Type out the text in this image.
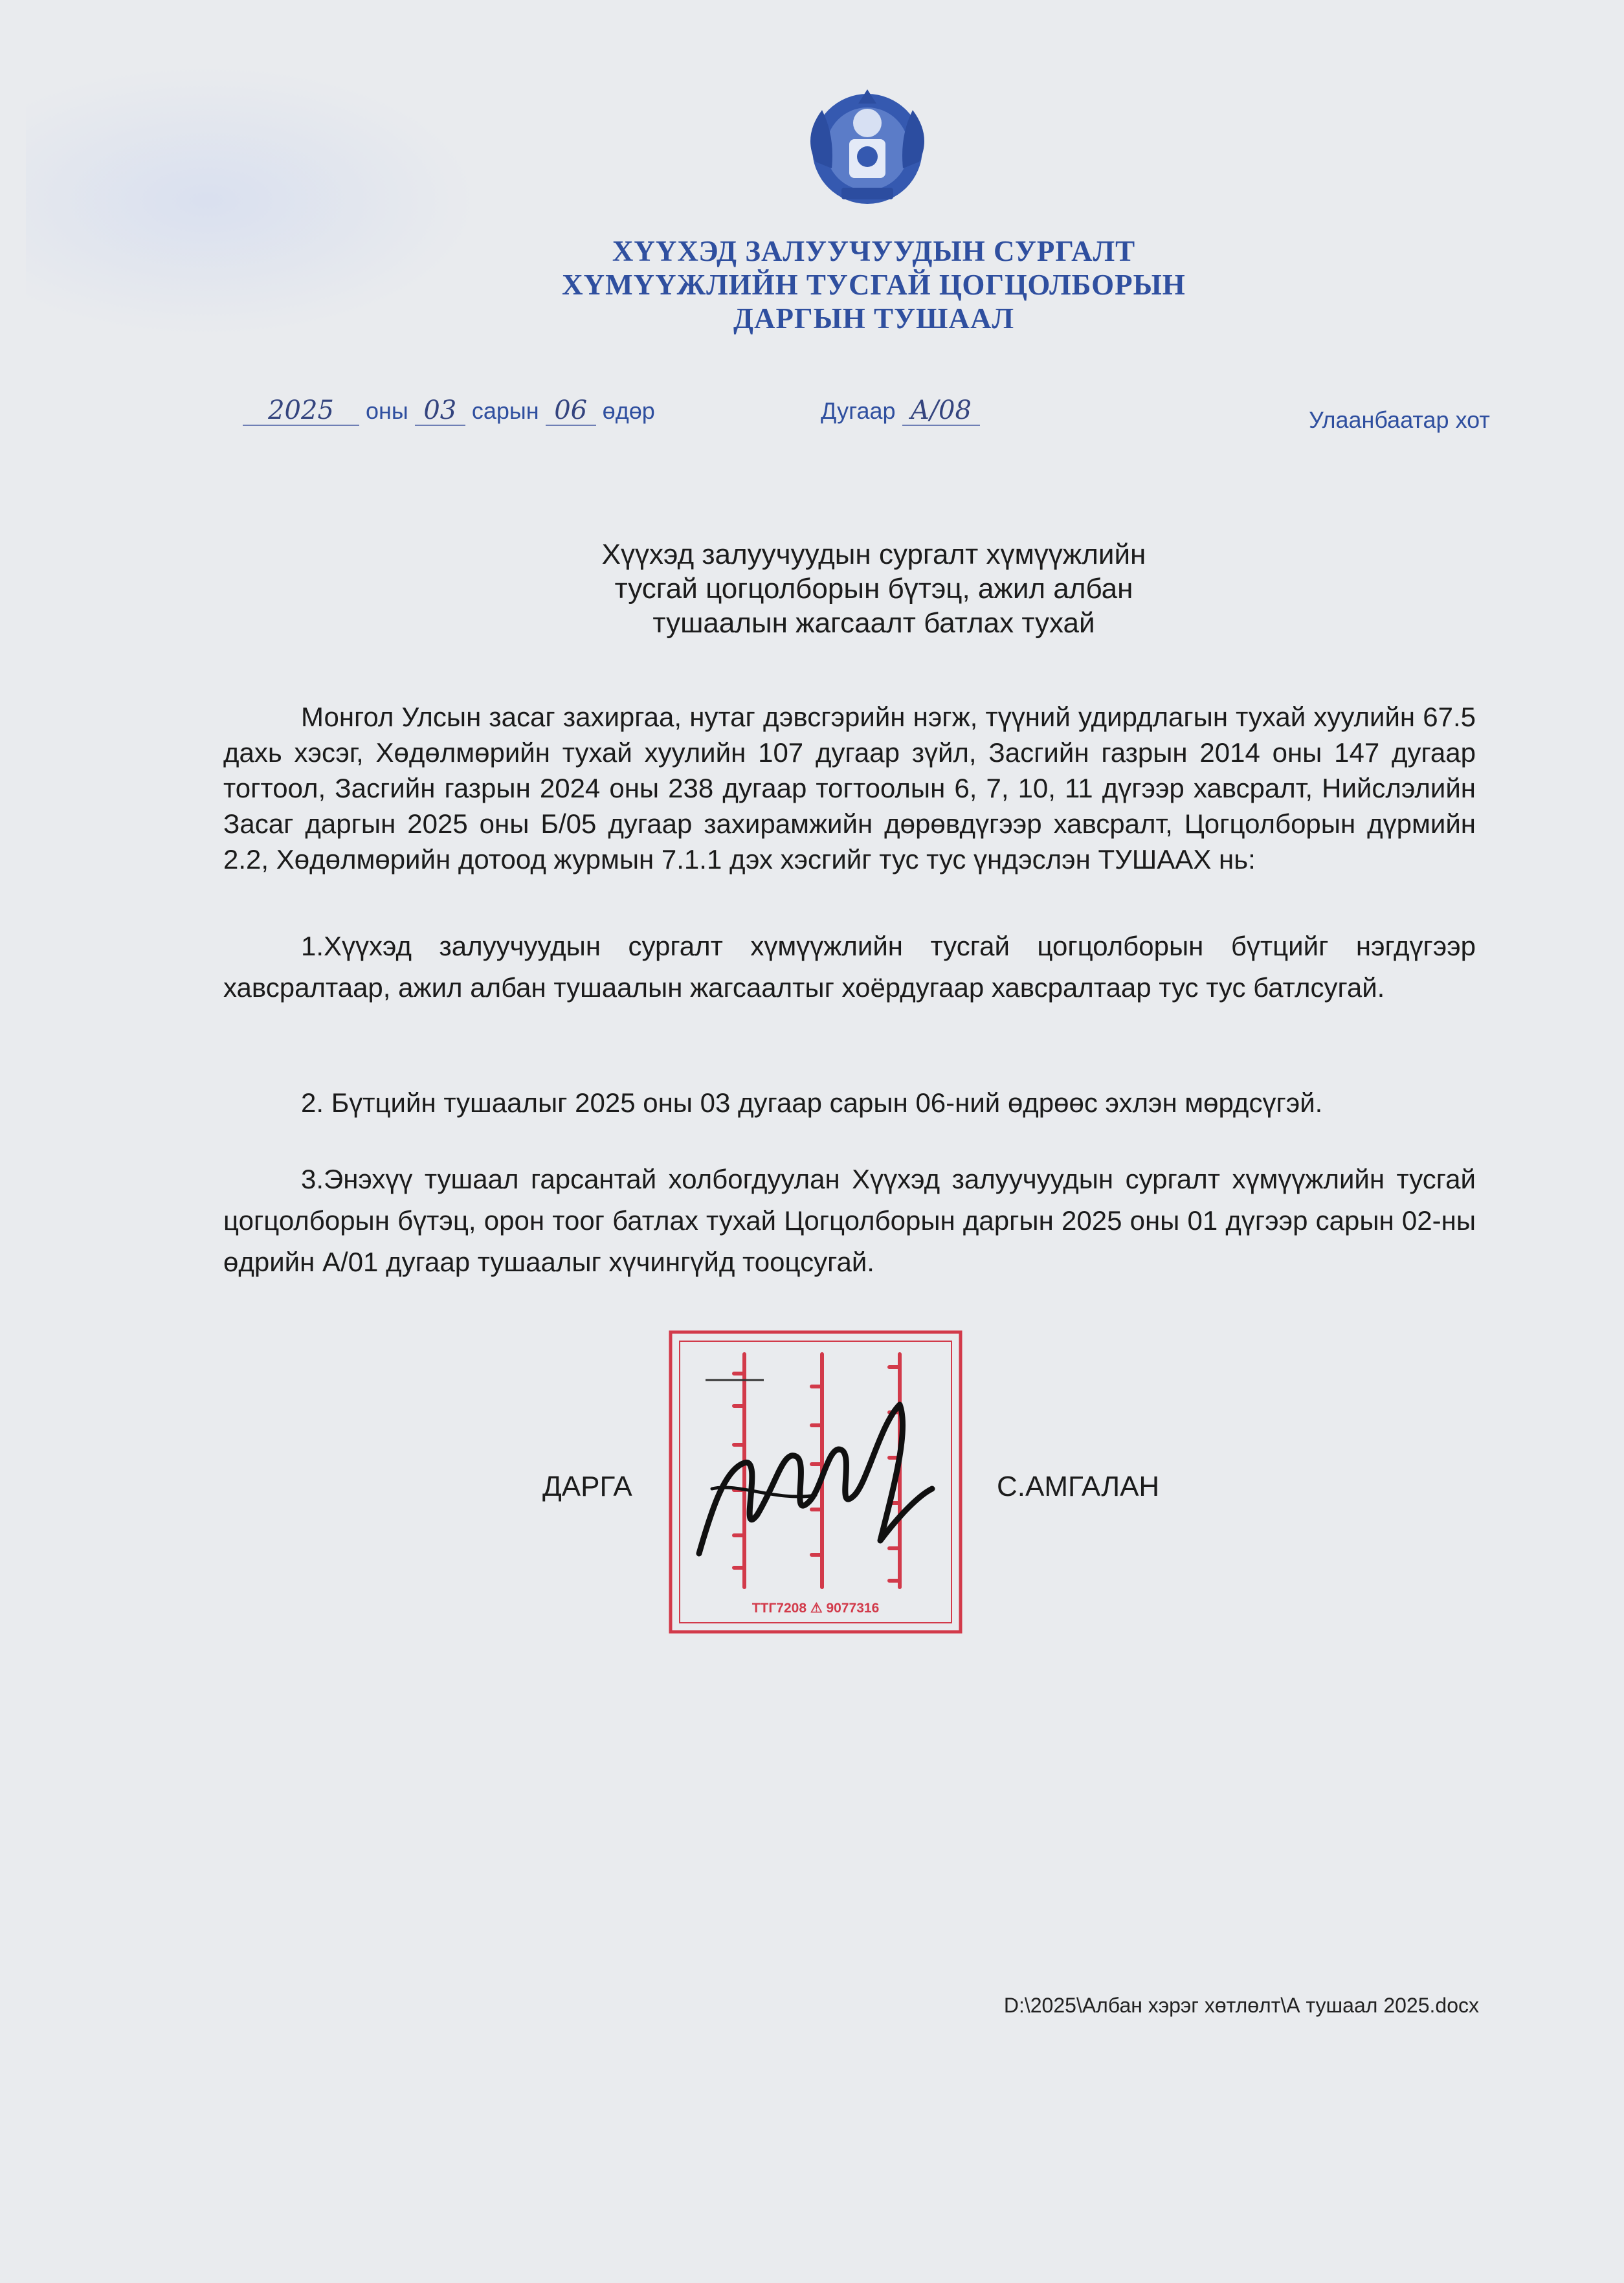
ХҮҮХЭД ЗАЛУУЧУУДЫН СУРГАЛТ
ХҮМҮҮЖЛИЙН ТУСГАЙ ЦОГЦОЛБОРЫН
ДАРГЫН ТУШААЛ
2025 оны 03 сарын 06 өдөр	Дугаар А/08	Улаанбаатар хот
Хүүхэд залуучуудын сургалт хүмүүжлийн
тусгай цогцолборын бүтэц, ажил албан
тушаалын жагсаалт батлах тухай
Монгол Улсын засаг захиргаа, нутаг дэвсгэрийн нэгж, түүний удирдлагын тухай хуулийн 67.5 дахь хэсэг, Хөдөлмөрийн тухай хуулийн 107 дугаар зүйл, Засгийн газрын 2014 оны 147 дугаар тогтоол, Засгийн газрын 2024 оны 238 дугаар тогтоолын 6, 7, 10, 11 дүгээр хавсралт, Нийслэлийн Засаг даргын 2025 оны Б/05 дугаар захирамжийн дөрөвдүгээр хавсралт, Цогцолборын дүрмийн 2.2, Хөдөлмөрийн дотоод журмын 7.1.1 дэх хэсгийг тус тус үндэслэн ТУШААХ нь:
1.Хүүхэд залуучуудын сургалт хүмүүжлийн тусгай цогцолборын бүтцийг нэгдүгээр хавсралтаар, ажил албан тушаалын жагсаалтыг хоёрдугаар хавсралтаар тус тус батлсугай.
2. Бүтцийн тушаалыг 2025 оны 03 дугаар сарын 06-ний өдрөөс эхлэн мөрдсүгэй.
3.Энэхүү тушаал гарсантай холбогдуулан Хүүхэд залуучуудын сургалт хүмүүжлийн тусгай цогцолборын бүтэц, орон тоог батлах тухай Цогцолборын даргын 2025 оны 01 дүгээр сарын 02-ны өдрийн А/01 дугаар тушаалыг хүчингүйд тооцсугай.
ДАРГА	С.АМГАЛАН
ТТГ7208 ⚠ 9077316
D:\2025\Албан хэрэг хөтлөлт\А тушаал 2025.docx
